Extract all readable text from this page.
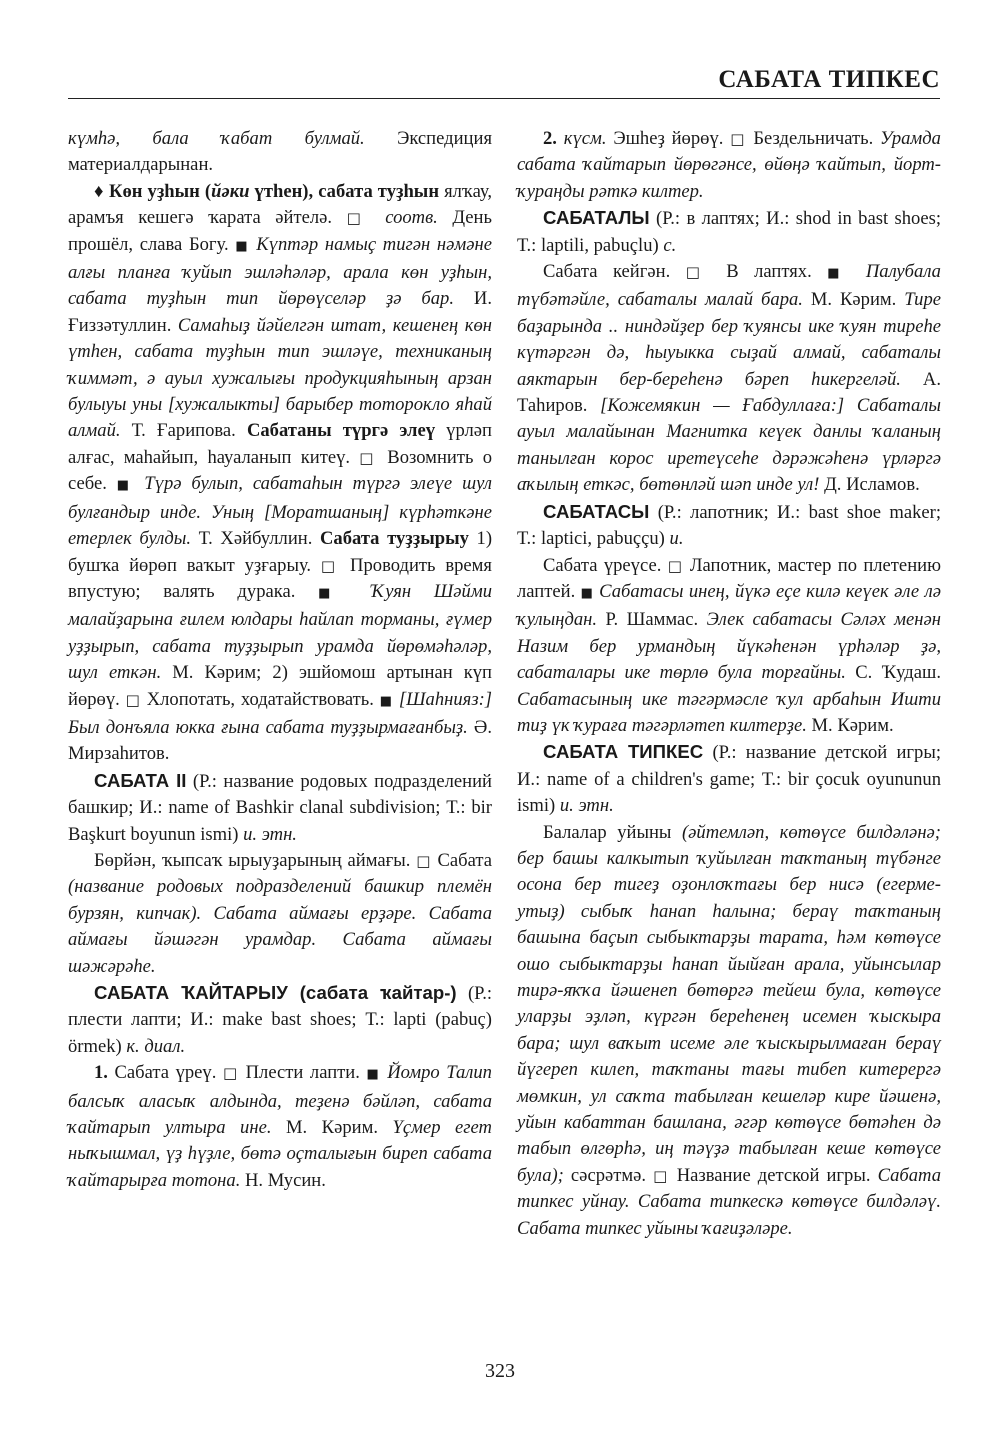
САБАТА ТИПКЕС

күмһә, бала ҡабат булмай. Экспедиция материалдарынан.

♦ Көн уҙһын (йәки үтһен), сабата туҙһын ялҡау, арамъя кешегә ҡарата әйтелә. □ соотв. День прошёл, слава Богу. ■ Күптәр намыҫ тигән нәмәне алғы планға ҡуйып эшләһәләр, арала көн уҙһын, сабата туҙһын тип йөрөүселәр ҙә бар. И. Ғиззәтуллин. Самаһыҙ йәйелгән штат, кешенең көн үтһен, сабата туҙһын тип эшләүе, техниканың ҡиммәт, ә ауыл хужалығы продукцияһының арзан булыуы уны [хужалыкты] барыбер тоторокло яһай алмай. Т. Ғарипова. Сабатаны түргә элеү үрләп алғас, маһайып, һауаланып китеү. □ Возомнить о себе. ■ Түрә булып, сабатаһын түргә элеүе шул булғандыр инде. Уның [Моратшаның] күрһәткәне етерлек булды. Т. Хәйбуллин. Сабата туҙҙырыу 1) бушҡа йөрөп ваҡыт уҙғарыу. □ Проводить время впустую; валять дурака. ■ Ҡуян Шәйми малайҙарына ғилем юлдары һайлап торманы, ғүмер уҙҙырып, сабата туҙҙырып урамда йөрөмәһәләр, шул еткән. М. Кәрим; 2) эшйомош артынан күп йөрөү. □ Хлопотать, ходатайствовать. ■ [Шаһнияз:] Был донъяла юкка ғына сабата туҙҙырмағанбыҙ. Ә. Мирзаһитов.

САБАТА II (Р.: название родовых подразделений башкир; И.: name of Bashkir clanal subdivision; Т.: bir Başkurt boyunun ismi) и. этн.

Бөрйән, ҡыпсаҡ ырыуҙарының аймағы. □ Сабата (название родовых подразделений башкир племён бурзян, кипчак). Сабата аймағы ерҙәре. Сабата аймағы йәшәгән урамдар. Сабата аймағы шәжәрәһе.

САБАТА ҠАЙТАРЫУ (сабата ҡайтар-) (Р.: плести лапти; И.: make bast shoes; Т.: lapti (pabuç) örmek) к. диал.

1. Сабата үреү. □ Плести лапти. ■ Йомро Талип балсыҡ аласыҡ алдында, теҙенә бәйләп, сабата ҡайтарып ултыра ине. М. Кәрим. Үҫмер егет ныҡышмал, үҙ һүҙле, бөтә оҫталығын биреп сабата ҡайтарырға тотона. Н. Мусин.

2. күсм. Эшһеҙ йөрөү. □ Бездельничать. Урамда сабата ҡайтарып йөрөгәнсе, өйөңә ҡайтып, йорт-ҡураңды рәткә килтер.

САБАТАЛЫ (Р.: в лаптях; И.: shod in bast shoes; Т.: laptili, pabuçlu) с.

Сабата кейгән. □ В лаптях. ■ Палубала түбәтәйле, сабаталы малай бара. М. Кәрим. Тире баҙарында .. ниндәйҙер бер ҡуянсы ике ҡуян тиреһе күтәргән дә, һыуыкка сыҙай алмай, сабаталы аяктарын бер-береһенә бәреп һикергеләй. А. Таһиров. [Кожемякин — Ғабдуллаға:] Сабаталы ауыл малайынан Магнитка кеүек данлы ҡаланың танылған корос иретеүсеһе дәрәжәһенә үрләргә аҡылың еткәс, бөтөнләй шәп инде ул! Д. Исламов.

САБАТАСЫ (Р.: лапотник; И.: bast shoe maker; Т.: laptici, pabuççu) и.

Сабата үреүсе. □ Лапотник, мастер по плетению лаптей. ■ Сабатасы инең, йүкә еҫе килә кеүек әле лә ҡулыңдан. Р. Шаммас. Элек сабатасы Сәләх менән Назим бер урмандың йүкәһенән үрһәләр ҙә, сабаталары ике төрлө була торғайны. С. Ҡудаш. Сабатасының ике тәгәрмәсле ҡул арбаһын Ишти тиҙ үк ҡураға тәгәрләтеп килтерҙе. М. Кәрим.

САБАТА ТИПКЕС (Р.: название детской игры; И.: name of a children's game; Т.: bir çocuk oyununun ismi) и. этн.

Балалар уйыны (әйтемләп, көтөүсе билдәләнә; бер башы калкытып ҡуйылған таҡтаның түбәнге осона бер тигеҙ оҙонлоҡтағы бер нисә (егерме-утыҙ) сыбыҡ һанап һалына; бераү таҡтаның башына баҫып сыбыктарҙы тарата, һәм көтөүсе ошо сыбыктарҙы һанап йыйған арала, уйынсылар тирә-яҡҡа йәшенеп бөтөргә тейеш була, көтөүсе уларҙы эҙләп, күргән береһенең исемен ҡыскыра бара; шул ваҡыт исеме әле ҡыскырылмаған бераү йүгереп килеп, таҡтаны тағы тибеп китерергә мөмкин, ул саҡта табылған кешеләр кире йәшенә, уйын кабаттан башлана, әгәр көтөүсе бөтәһен дә табып өлгөрһә, иң тәүҙә табылған кеше көтөүсе була); сәсрәтмә. □ Название детской игры. Сабата типкес уйнау. Сабата типкескә көтөүсе билдәләү. Сабата типкес уйыны ҡағиҙәләре.

323
